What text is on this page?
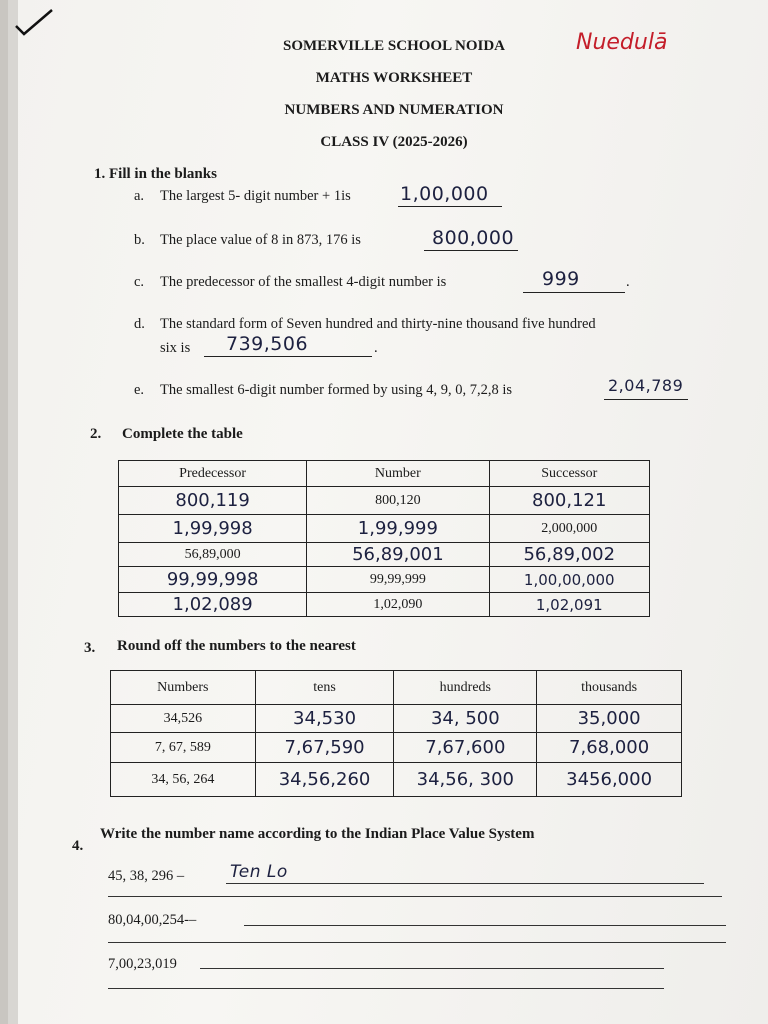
SOMERVILLE SCHOOL NOIDA	Nuedulā
MATHS WORKSHEET
NUMBERS AND NUMERATION
CLASS IV (2025-2026)
1. Fill in the blanks
a. The largest 5- digit number + 1is	1,00,000
b. The place value of 8 in 873, 176 is	800,000
c. The predecessor of the smallest 4-digit number is	999	.
d. The standard form of Seven hundred and thirty-nine thousand five hundred
six is 739,506	.
e. The smallest 6-digit number formed by using 4, 9, 0, 7,2,8 is	2,04,789
2. Complete the table
Predecessor	Number	Successor
800,119	800,120	800,121
1,99,998	1,99,999	2,000,000
56,89,000	56,89,001	56,89,002
99,99,998	99,99,999	1,00,00,000
1,02,089	1,02,090	1,02,091
3. Round off the numbers to the nearest
Numbers	tens	hundreds	thousands
34,526	34,530	34, 500	35,000
7, 67, 589	7,67,590	7,67,600	7,68,000
34, 56, 264	34,56,260	34,56, 300	3456,000
4.
Write the number name according to the Indian Place Value System
45, 38, 296 –	Ten Lo
80,04,00,254-–
7,00,23,019
